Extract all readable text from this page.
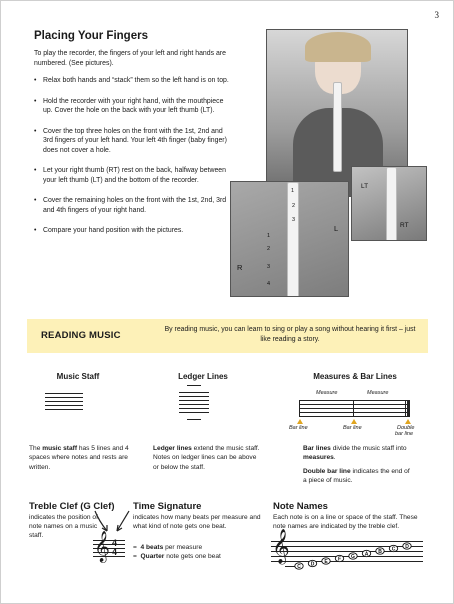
3
Placing Your Fingers
To play the recorder, the fingers of your left and right hands are numbered. (See pictures).
• Relax both hands and “stack” them so the left hand is on top.
• Hold the recorder with your right hand, with the mouthpiece up. Cover the hole on the back with your left thumb (LT).
• Cover the top three holes on the front with the 1st, 2nd and 3rd fingers of your left hand. Your left 4th finger (baby finger) does not cover a hole.
• Let your right thumb (RT) rest on the back, halfway between your left thumb (LT) and the bottom of the recorder.
• Cover the remaining holes on the front with the 1st, 2nd, 3rd and 4th fingers of your right hand.
• Compare your hand position with the pictures.
1
2
3
1
2
3
4
L
R
LT
RT
READING MUSIC
By reading music, you can learn to sing or play a song without hearing it first – just like reading a story.
Music Staff
The music staff has 5 lines and 4 spaces where notes and rests are written.
Ledger Lines
Ledger lines extend the music staff. Notes on ledger lines can be above or below the staff.
Measures & Bar Lines
Measure	Measure
Bar line	Bar line	Double
bar line
Bar lines divide the music staff into measures.
Double bar line indicates the end of a piece of music.
Treble Clef (G Clef)
indicates the position of note names on a music staff.	𝄞 4
4
Time Signature
indicates how many beats per measure and what kind of note gets one beat.
= 4 beats per measure
= Quarter note gets one beat
Note Names
Each note is on a line or space of the staff. These note names are indicated by the treble clef.
𝄞
C D E F G A B C D
